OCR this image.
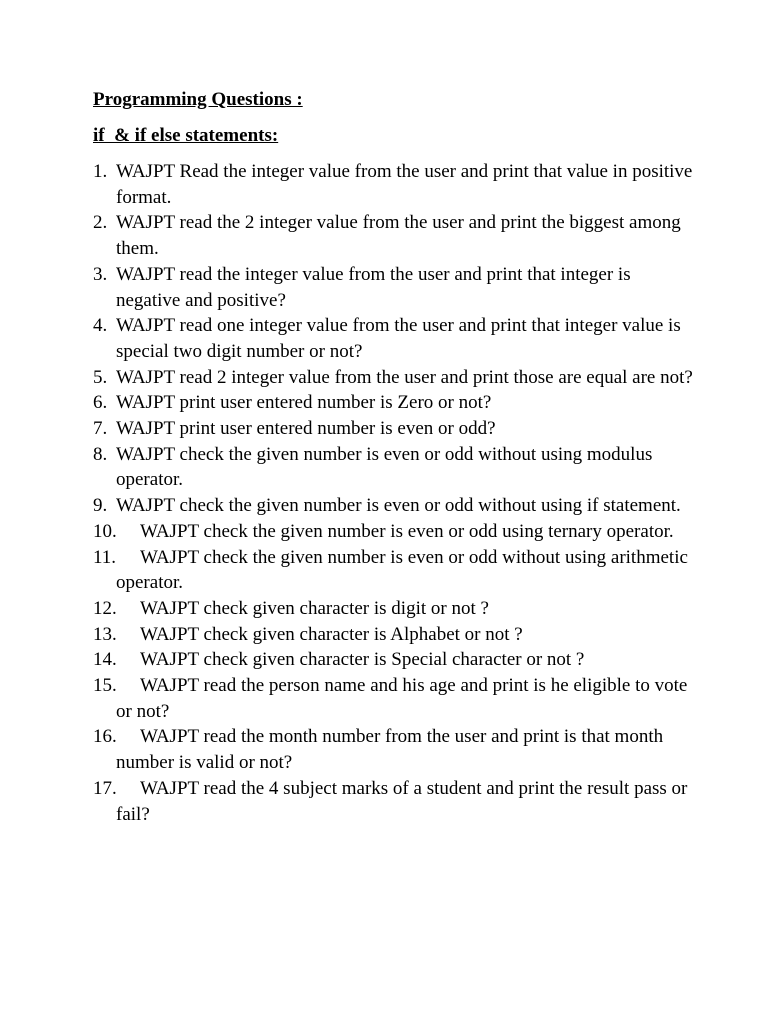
Programming Questions :

if  & if else statements:

1. WAJPT Read the integer value from the user and print that value in positive format.
2. WAJPT read the 2 integer value from the user and print the biggest among them.
3. WAJPT read the integer value from the user and print that integer is negative and positive?
4. WAJPT read one integer value from the user and print that integer value is special two digit number or not?
5. WAJPT read 2 integer value from the user and print those are equal are not?
6. WAJPT print user entered number is Zero or not?
7. WAJPT print user entered number is even or odd?
8. WAJPT check the given number is even or odd without using modulus operator.
9. WAJPT check the given number is even or odd without using if statement.
10. WAJPT check the given number is even or odd using ternary operator.
11. WAJPT check the given number is even or odd without using arithmetic operator.
12. WAJPT check given character is digit or not ?
13. WAJPT check given character is Alphabet or not ?
14. WAJPT check given character is Special character or not ?
15. WAJPT read the person name and his age and print is he eligible to vote or not?
16. WAJPT read the month number from the user and print is that month number is valid or not?
17. WAJPT read the 4 subject marks of a student and print the result pass or fail?
